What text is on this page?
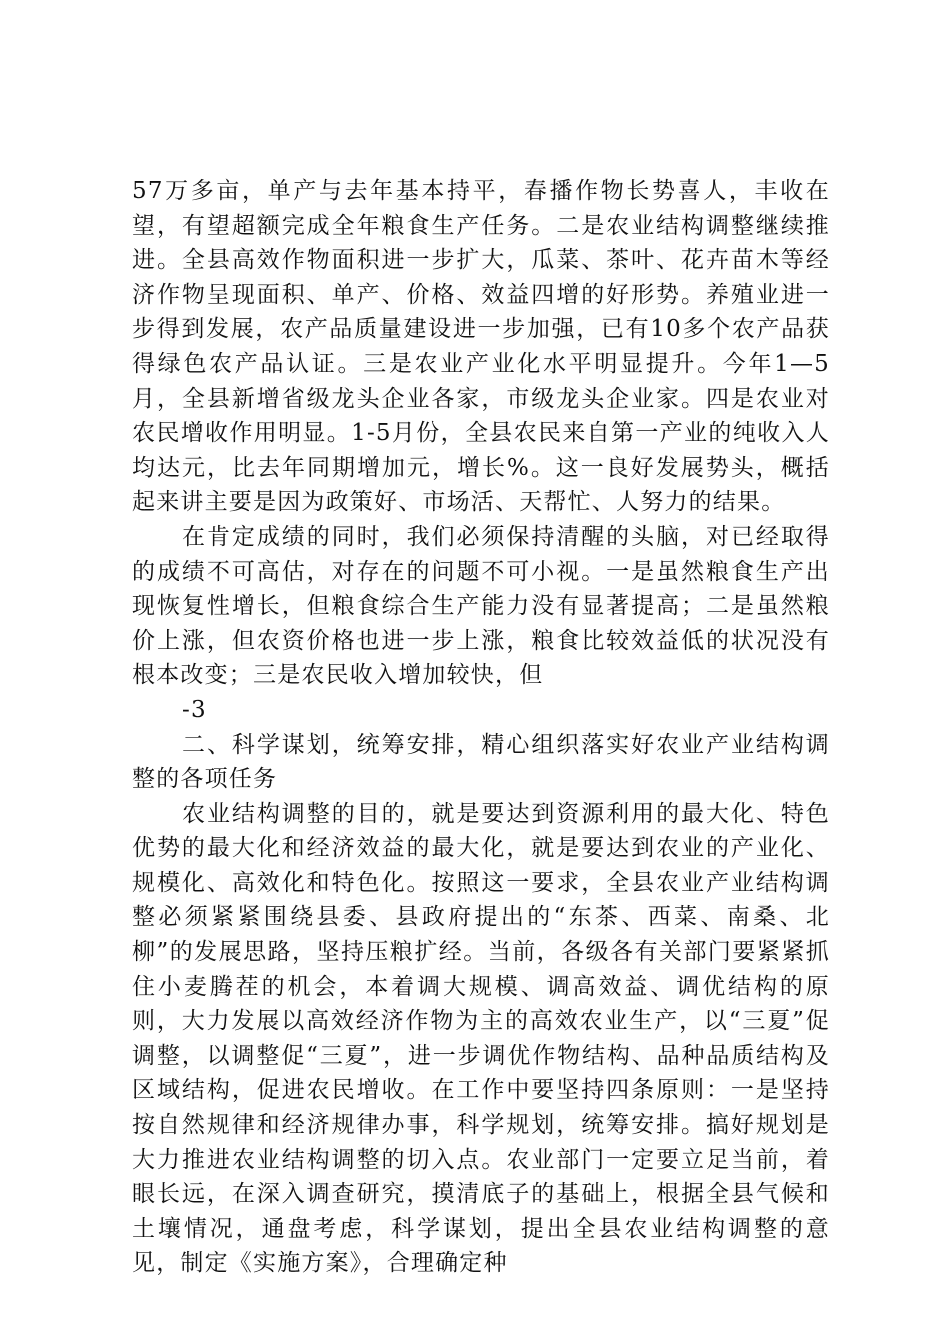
57万多亩，单产与去年基本持平，春播作物长势喜人，丰收在望，有望超额完成全年粮食生产任务。二是农业结构调整继续推进。全县高效作物面积进一步扩大，瓜菜、茶叶、花卉苗木等经济作物呈现面积、单产、价格、效益四增的好形势。养殖业进一步得到发展，农产品质量建设进一步加强，已有10多个农产品获得绿色农产品认证。三是农业产业化水平明显提升。今年1—5月，全县新增省级龙头企业各家，市级龙头企业家。四是农业对农民增收作用明显。1-5月份，全县农民来自第一产业的纯收入人均达元，比去年同期增加元，增长%。这一良好发展势头，概括起来讲主要是因为政策好、市场活、天帮忙、人努力的结果。

在肯定成绩的同时，我们必须保持清醒的头脑，对已经取得的成绩不可高估，对存在的问题不可小视。一是虽然粮食生产出现恢复性增长，但粮食综合生产能力没有显著提高；二是虽然粮价上涨，但农资价格也进一步上涨，粮食比较效益低的状况没有根本改变；三是农民收入增加较快，但

-3

二、科学谋划，统筹安排，精心组织落实好农业产业结构调整的各项任务

农业结构调整的目的，就是要达到资源利用的最大化、特色优势的最大化和经济效益的最大化，就是要达到农业的产业化、规模化、高效化和特色化。按照这一要求，全县农业产业结构调整必须紧紧围绕县委、县政府提出的“东茶、西菜、南桑、北柳”的发展思路，坚持压粮扩经。当前，各级各有关部门要紧紧抓住小麦腾茬的机会，本着调大规模、调高效益、调优结构的原则，大力发展以高效经济作物为主的高效农业生产，以“三夏”促调整，以调整促“三夏”，进一步调优作物结构、品种品质结构及区域结构，促进农民增收。在工作中要坚持四条原则：一是坚持按自然规律和经济规律办事，科学规划，统筹安排。搞好规划是大力推进农业结构调整的切入点。农业部门一定要立足当前，着眼长远，在深入调查研究，摸清底子的基础上，根据全县气候和土壤情况，通盘考虑，科学谋划，提出全县农业结构调整的意见，制定《实施方案》，合理确定种
